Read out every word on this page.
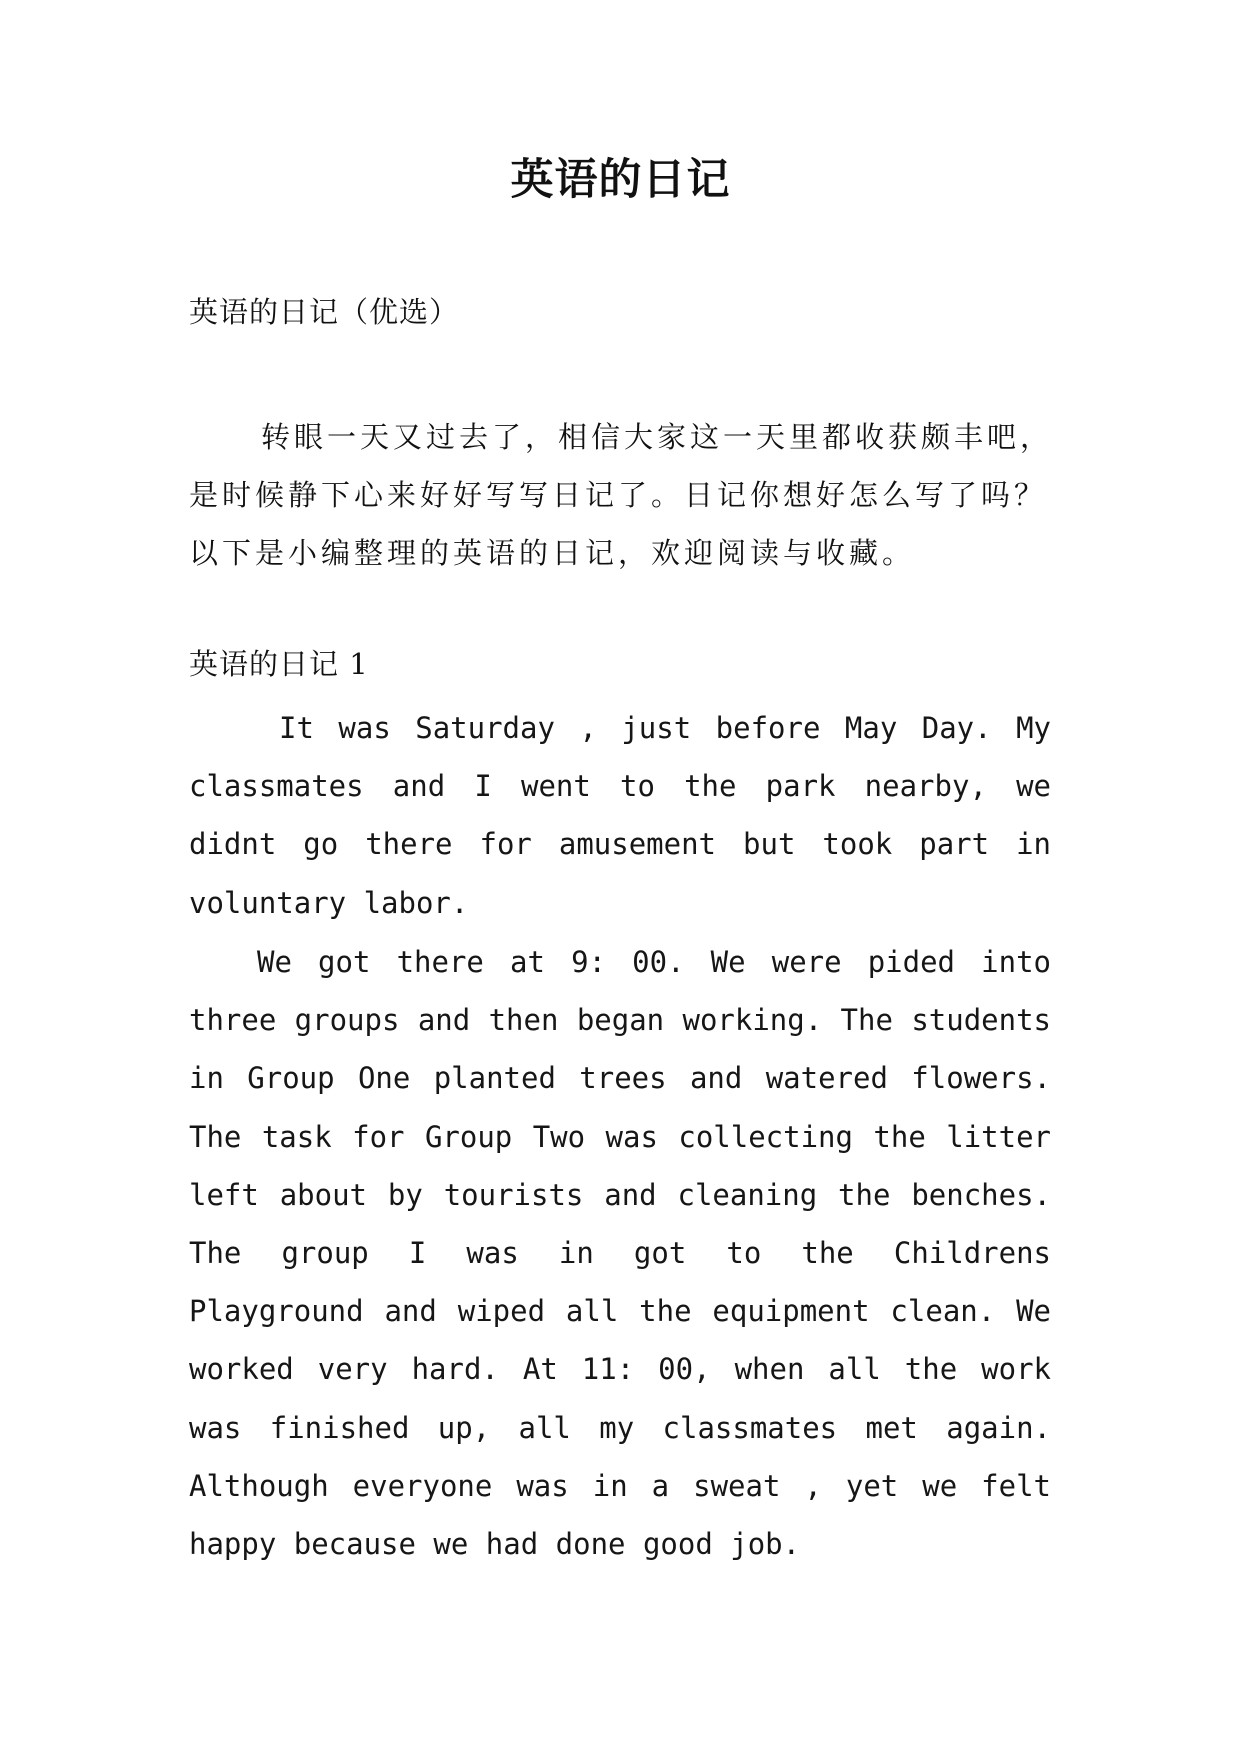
英语的日记

英语的日记（优选）

转眼一天又过去了，相信大家这一天里都收获颇丰吧，是时候静下心来好好写写日记了。日记你想好怎么写了吗？以下是小编整理的英语的日记，欢迎阅读与收藏。

英语的日记 1

It was Saturday , just before May Day. My classmates and I went to the park nearby, we didnt go there for amusement but took part in voluntary labor.

We got there at 9: 00. We were pided into three groups and then began working. The students in Group One planted trees and watered flowers. The task for Group Two was collecting the litter left about by tourists and cleaning the benches. The group I was in got to the Childrens Playground and wiped all the equipment clean. We worked very hard. At 11: 00, when all the work was finished up, all my classmates met again. Although everyone was in a sweat , yet we felt happy because we had done good job.
